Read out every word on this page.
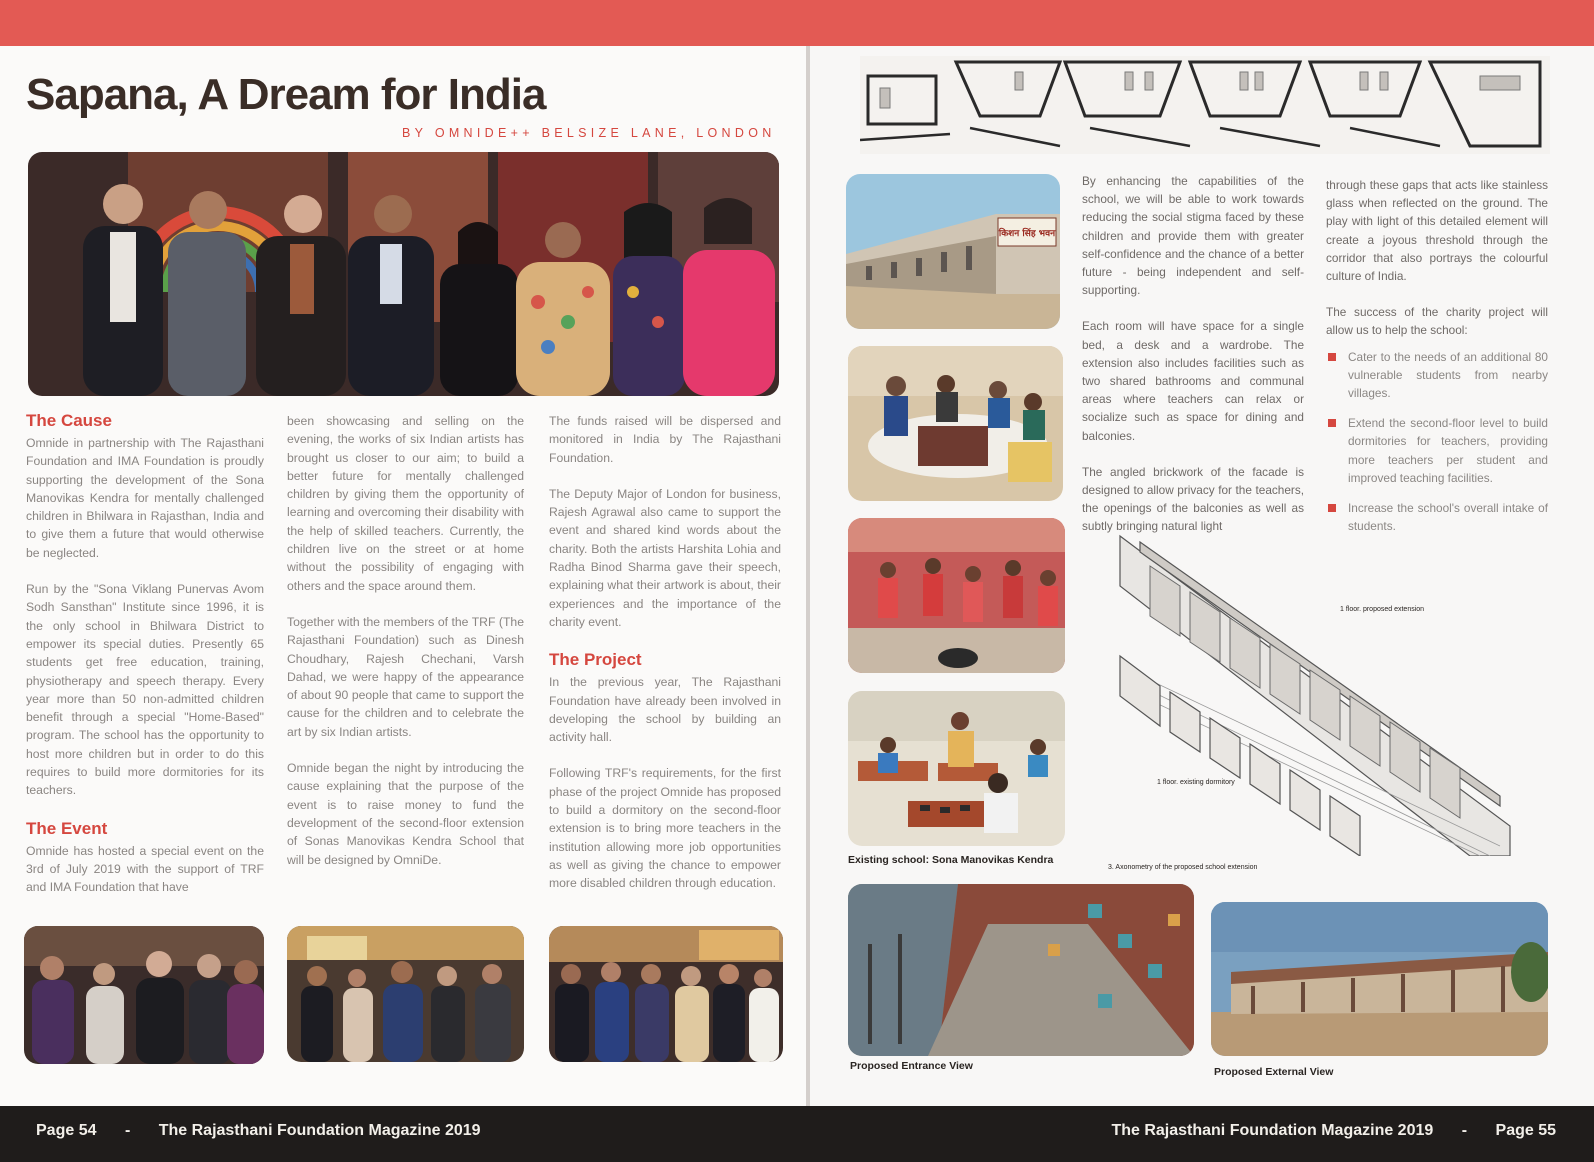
Sapana, A Dream for India
BY OMNIDE++ BELSIZE LANE, LONDON
The Cause

Omnide in partnership with The Rajasthani Foundation and IMA Foundation is proudly supporting the development of the Sona Manovikas Kendra for mentally challenged children in Bhilwara in Rajasthan, India and to give them a future that would otherwise be neglected.

Run by the "Sona Viklang Punervas Avom Sodh Sansthan" Institute since 1996, it is the only school in Bhilwara District to empower its special duties. Presently 65 students get free education, training, physiotherapy and speech therapy. Every year more than 50 non-admitted children benefit through a special "Home-Based" program. The school has the opportunity to host more children but in order to do this requires to build more dormitories for its teachers.

The Event

Omnide has hosted a special event on the 3rd of July 2019 with the support of TRF and IMA Foundation that have

been showcasing and selling on the evening, the works of six Indian artists has brought us closer to our aim; to build a better future for mentally challenged children by giving them the opportunity of learning and overcoming their disability with the help of skilled teachers. Currently, the children live on the street or at home without the possibility of engaging with others and the space around them.

Together with the members of the TRF (The Rajasthani Foundation) such as Dinesh Choudhary, Rajesh Chechani, Varsh Dahad, we were happy of the appearance of about 90 people that came to support the cause for the children and to celebrate the art by six Indian artists.

Omnide began the night by introducing the cause explaining that the purpose of the event is to raise money to fund the development of the second-floor extension of Sonas Manovikas Kendra School that will be designed by OmniDe.

The funds raised will be dispersed and monitored in India by The Rajasthani Foundation.

The Deputy Major of London for business, Rajesh Agrawal also came to support the event and shared kind words about the charity. Both the artists Harshita Lohia and Radha Binod Sharma gave their speech, explaining what their artwork is about, their experiences and the importance of the charity event.

The Project

In the previous year, The Rajasthani Foundation have already been involved in developing the school by building an activity hall.

Following TRF's requirements, for the first phase of the project Omnide has proposed to build a dormitory on the second-floor extension is to bring more teachers in the institution allowing more job opportunities as well as giving the chance to empower more disabled children through education.

किशन सिंह भवन
Existing school: Sona Manovikas Kendra

By enhancing the capabilities of the school, we will be able to work towards reducing the social stigma faced by these children and provide them with greater self-confidence and the chance of a better future - being independent and self-supporting.

Each room will have space for a single bed, a desk and a wardrobe. The extension also includes facilities such as two shared bathrooms and communal areas where teachers can relax or socialize such as space for dining and balconies.

The angled brickwork of the facade is designed to allow privacy for the teachers, the openings of the balconies as well as subtly bringing natural light

through these gaps that acts like stainless glass when reflected on the ground. The play with light of this detailed element will create a joyous threshold through the corridor that also portrays the colourful culture of India.

The success of the charity project will allow us to help the school:

Cater to the needs of an additional 80 vulnerable students from nearby villages.
Extend the second-floor level to build dormitories for teachers, providing more teachers per student and improved teaching facilities.
Increase the school's overall intake of students.
1 floor. proposed extension
1 floor. existing dormitory
3. Axonometry of the proposed school extension
Proposed Entrance View	Proposed External View
Page 54 - The Rajasthani Foundation Magazine 2019	The Rajasthani Foundation Magazine 2019 - Page 55
